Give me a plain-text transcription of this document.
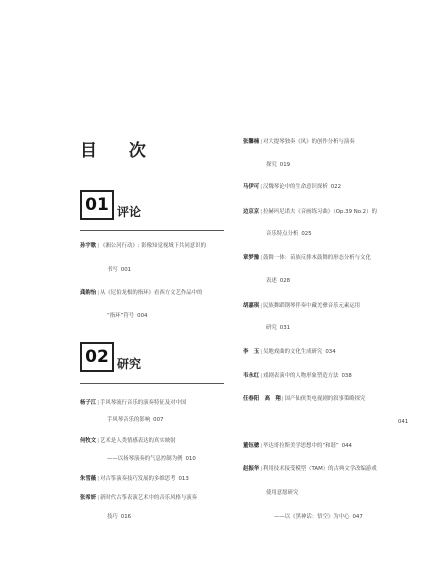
目 次
01 评论
02 研究
孙宇歌|《湘公河行动》: 影像知觉视域下共同意识的
书写 001
龚韵怡|从《尼伯龙根的指环》看西方文艺作品中的
“指环”符号 004
杨子江|手风琴流行音乐的演奏特征及对中国
手风琴音乐的影响 007
何牧文|艺术是人类情感表达的真实映射
——以扬琴演奏的气息控制为例 010
朱雪薇|对古筝演奏技巧发展的多维思考 013
张希妍|新时代古筝表演艺术中的音乐风格与演奏
技巧 016
张馨楠|对大提琴独奏《风》的创作分析与演奏
探究 019
马伊可|汉魏琴论中的生命意识探析 022
边京京|拉赫玛尼诺夫《音画练习曲》（Op.39 No.2）的
音乐特点分析 025
章梦豫|鼓舞一体：苗族反排木鼓舞的形态分析与文化
表述 028
胡嘉琪|民族舞蹈钢琴伴奏中藏羌彝音乐元素运用
研究 031
李　玉|吴地戏曲的文化生成研究 034
韦永红|戏剧表演中的人物形象塑造方法 038
任春阳　高　翔|国产仙侠类电视剧的叙事策略探究
041
董钰骢|毕达哥拉斯美学思想中的“和谐” 044
赵振华|利用技术接受模型（TAM）的古典文学改编游戏
使用意愿研究
——以《黑神话：悟空》为中心 047
